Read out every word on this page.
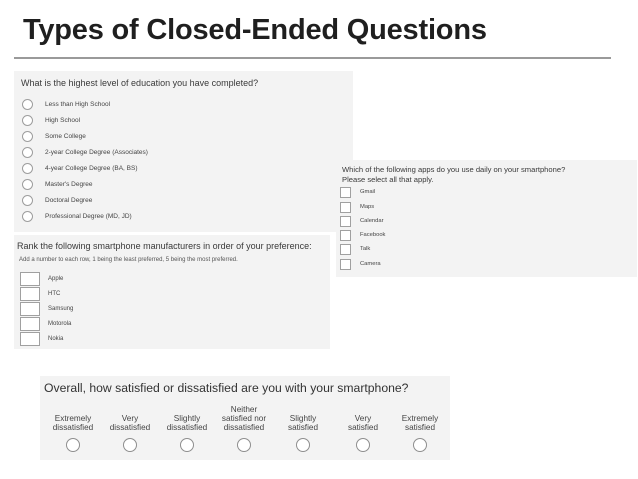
Types of Closed-Ended Questions
What is the highest level of education you have completed?
Less than High School
High School
Some College
2-year College Degree (Associates)
4-year College Degree (BA, BS)
Master's Degree
Doctoral Degree
Professional Degree (MD, JD)
Rank the following smartphone manufacturers in order of your preference:
Add a number to each row, 1 being the least preferred, 5 being the most preferred.
Apple
HTC
Samsung
Motorola
Nokia
Which of the following apps do you use daily on your smartphone?
Please select all that apply.
Gmail
Maps
Calendar
Facebook
Talk
Camera
Overall, how satisfied or dissatisfied are you with your smartphone?
Extremely
dissatisfied
Very
dissatisfied
Slightly
dissatisfied
Neither
satisfied nor
dissatisfied
Slightly
satisfied
Very
satisfied
Extremely
satisfied
